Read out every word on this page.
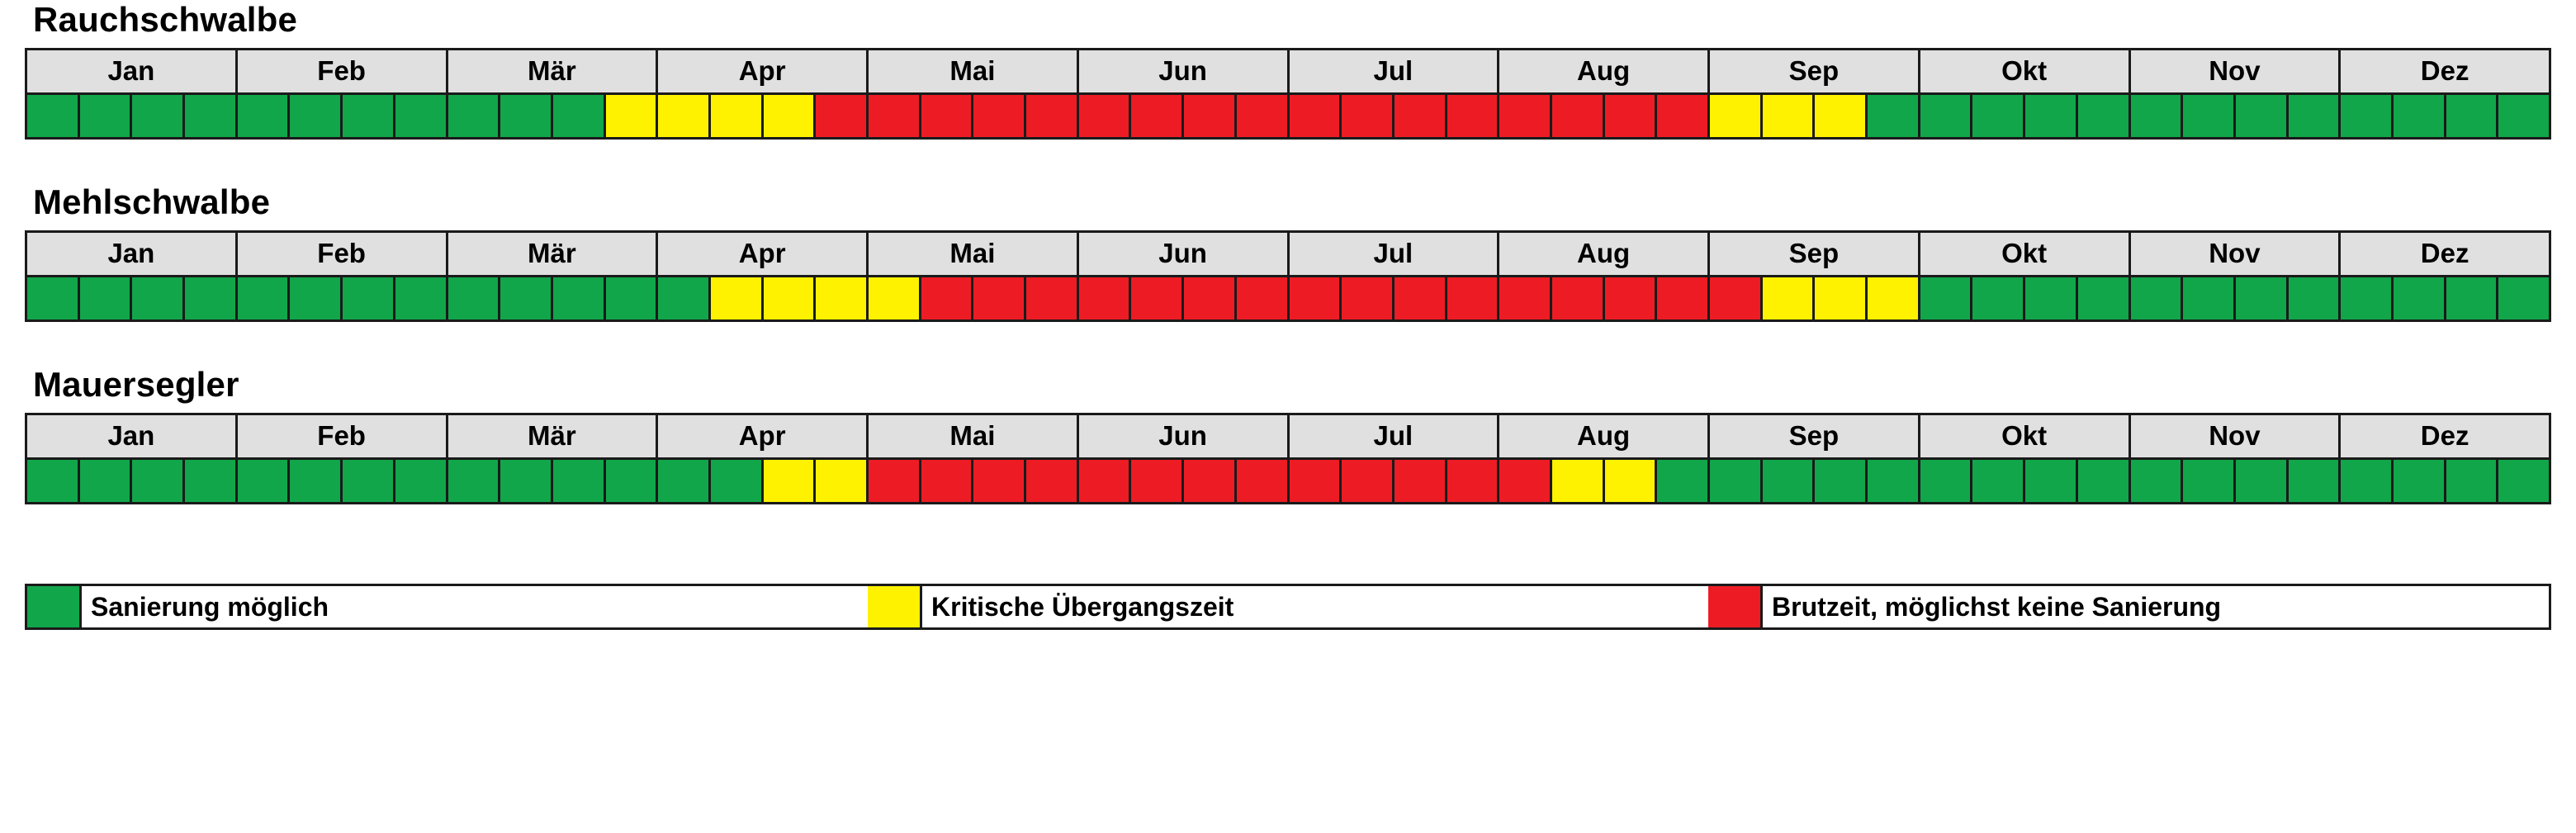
Rauchschwalbe
Jan	Feb	Mär	Apr	Mai	Jun	Jul	Aug	Sep	Okt	Nov	Dez
Mehlschwalbe
Jan	Feb	Mär	Apr	Mai	Jun	Jul	Aug	Sep	Okt	Nov	Dez
Mauersegler
Jan	Feb	Mär	Apr	Mai	Jun	Jul	Aug	Sep	Okt	Nov	Dez
Sanierung möglich	Kritische Übergangszeit	Brutzeit, möglichst keine Sanierung
